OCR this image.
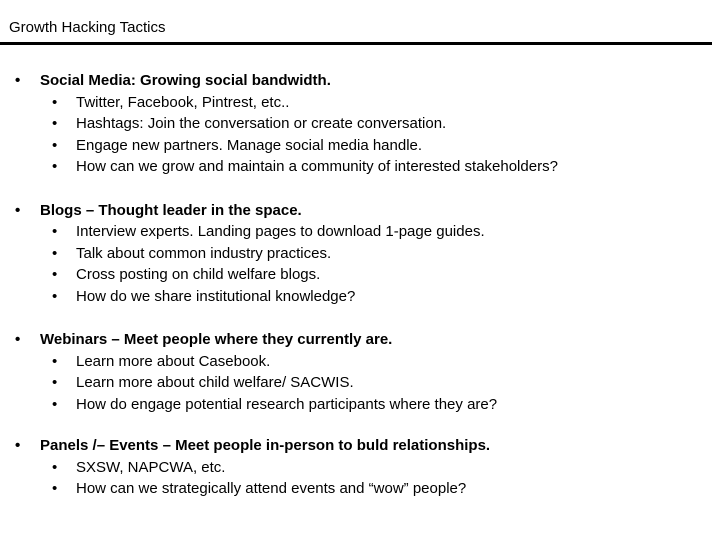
Growth Hacking Tactics
•	Social Media: Growing social bandwidth.
•	Twitter, Facebook, Pintrest, etc..
•	Hashtags: Join the conversation or create conversation.
•	Engage new partners. Manage social media handle.
•	How can we grow and maintain a community of interested stakeholders?
•	Blogs – Thought leader in the space.
•	Interview experts. Landing pages to download 1-page guides.
•	Talk about common industry practices.
•	Cross posting on child welfare blogs.
•	How do we share institutional knowledge?
•	Webinars – Meet people where they currently are.
•	Learn more about Casebook.
•	Learn more about child welfare/ SACWIS.
•	How do engage potential research participants where they are?
•	Panels /– Events – Meet people in-person to buld relationships.
•	SXSW, NAPCWA, etc.
•	How can we strategically attend events and “wow” people?
